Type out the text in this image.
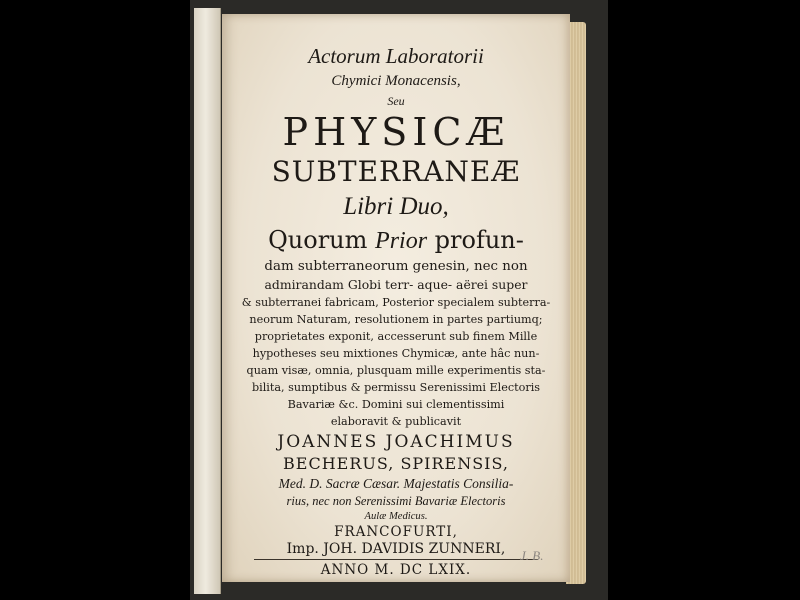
Actorum Laboratorii
Chymici Monacensis,
Seu
PHYSICÆ
SUBTERRANEÆ
Libri Duo,
Quorum Prior profun-
dam subterraneorum genesin, nec non
admirandam Globi terr- aque- aërei super
& subterranei fabricam, Posterior specialem subterra-
neorum Naturam, resolutionem in partes partiumq;
proprietates exponit, accesserunt sub finem Mille
hypotheses seu mixtiones Chymicæ, ante hâc nun-
quam visæ, omnia, plusquam mille experimentis sta-
bilita, sumptibus & permissu Serenissimi Electoris
Bavariæ &c. Domini sui clementissimi
elaboravit & publicavit
JOANNES JOACHIMUS
BECHERUS, SPIRENSIS,
Med. D. Sacræ Cæsar. Majestatis Consilia-
rius, nec non Serenissimi Bavariæ Electoris
Aulæ Medicus.
FRANCOFURTI,
Imp. JOH. DAVIDIS ZUNNERI,
ANNO M. DC LXIX.
J. B.
